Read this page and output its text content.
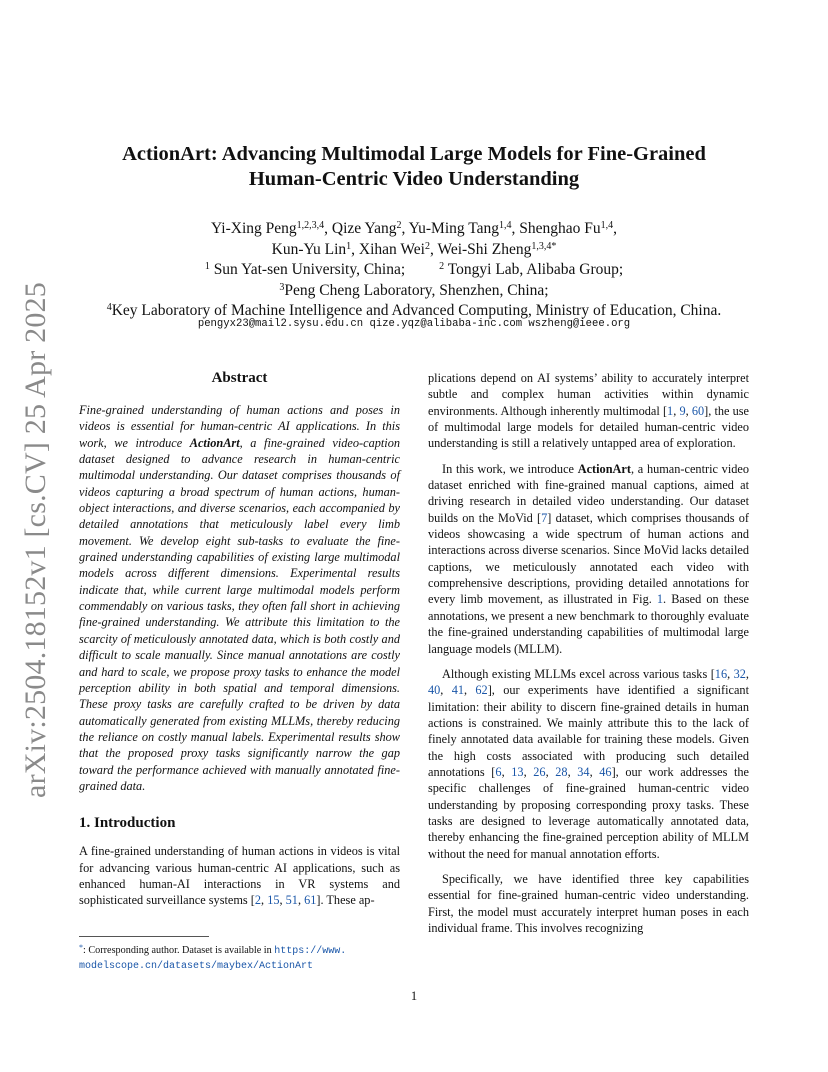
arXiv:2504.18152v1 [cs.CV] 25 Apr 2025
ActionArt: Advancing Multimodal Large Models for Fine-Grained
Human-Centric Video Understanding
Yi-Xing Peng$^{1,2,3,4}$, Qize Yang$^2$, Yu-Ming Tang$^{1,4}$, Shenghao Fu$^{1,4}$,
Kun-Yu Lin$^1$, Xihan Wei$^2$, Wei-Shi Zheng$^{1,3,4*}$
$^1$ Sun Yat-sen University, China;	$^2$ Tongyi Lab, Alibaba Group;
$^3$Peng Cheng Laboratory, Shenzhen, China;
$^4$Key Laboratory of Machine Intelligence and Advanced Computing, Ministry of Education, China.
pengyx23@mail2.sysu.edu.cn qize.yqz@alibaba-inc.com wszheng@ieee.org
Abstract

Fine-grained understanding of human actions and poses in videos is essential for human-centric AI applications. In this work, we introduce ActionArt, a fine-grained video-caption dataset designed to advance research in human-centric multimodal understanding. Our dataset comprises thousands of videos capturing a broad spectrum of human actions, human-object interactions, and diverse scenarios, each accompanied by detailed annotations that meticulously label every limb movement. We develop eight sub-tasks to evaluate the fine-grained understanding capabilities of existing large multimodal models across different dimensions. Experimental results indicate that, while current large multimodal models perform commendably on various tasks, they often fall short in achieving fine-grained understanding. We attribute this limitation to the scarcity of meticulously annotated data, which is both costly and difficult to scale manually. Since manual annotations are costly and hard to scale, we propose proxy tasks to enhance the model perception ability in both spatial and temporal dimensions. These proxy tasks are carefully crafted to be driven by data automatically generated from existing MLLMs, thereby reducing the reliance on costly manual labels. Experimental results show that the proposed proxy tasks significantly narrow the gap toward the performance achieved with manually annotated fine-grained data.

1. Introduction

A fine-grained understanding of human actions in videos is vital for advancing various human-centric AI applications, such as enhanced human-AI interactions in VR systems and sophisticated surveillance systems [2, 15, 51, 61]. These ap-

plications depend on AI systems’ ability to accurately interpret subtle and complex human activities within dynamic environments. Although inherently multimodal [1, 9, 60], the use of multimodal large models for detailed human-centric video understanding is still a relatively untapped area of exploration.

In this work, we introduce ActionArt, a human-centric video dataset enriched with fine-grained manual captions, aimed at driving research in detailed video understanding. Our dataset builds on the MoVid [7] dataset, which comprises thousands of videos showcasing a wide spectrum of human actions and interactions across diverse scenarios. Since MoVid lacks detailed captions, we meticulously annotated each video with comprehensive descriptions, providing detailed annotations for every limb movement, as illustrated in Fig. 1. Based on these annotations, we present a new benchmark to thoroughly evaluate the fine-grained understanding capabilities of multimodal large language models (MLLM).

Although existing MLLMs excel across various tasks [16, 32, 40, 41, 62], our experiments have identified a significant limitation: their ability to discern fine-grained details in human actions is constrained. We mainly attribute this to the lack of finely annotated data available for training these models. Given the high costs associated with producing such detailed annotations [6, 13, 26, 28, 34, 46], our work addresses the specific challenges of fine-grained human-centric video understanding by proposing corresponding proxy tasks. These tasks are designed to leverage automatically annotated data, thereby enhancing the fine-grained perception ability of MLLM without the need for manual annotation efforts.

Specifically, we have identified three key capabilities essential for fine-grained human-centric video understanding. First, the model must accurately interpret human poses in each individual frame. This involves recognizing

*: Corresponding author. Dataset is available in https://www.
modelscope.cn/datasets/maybex/ActionArt
1
